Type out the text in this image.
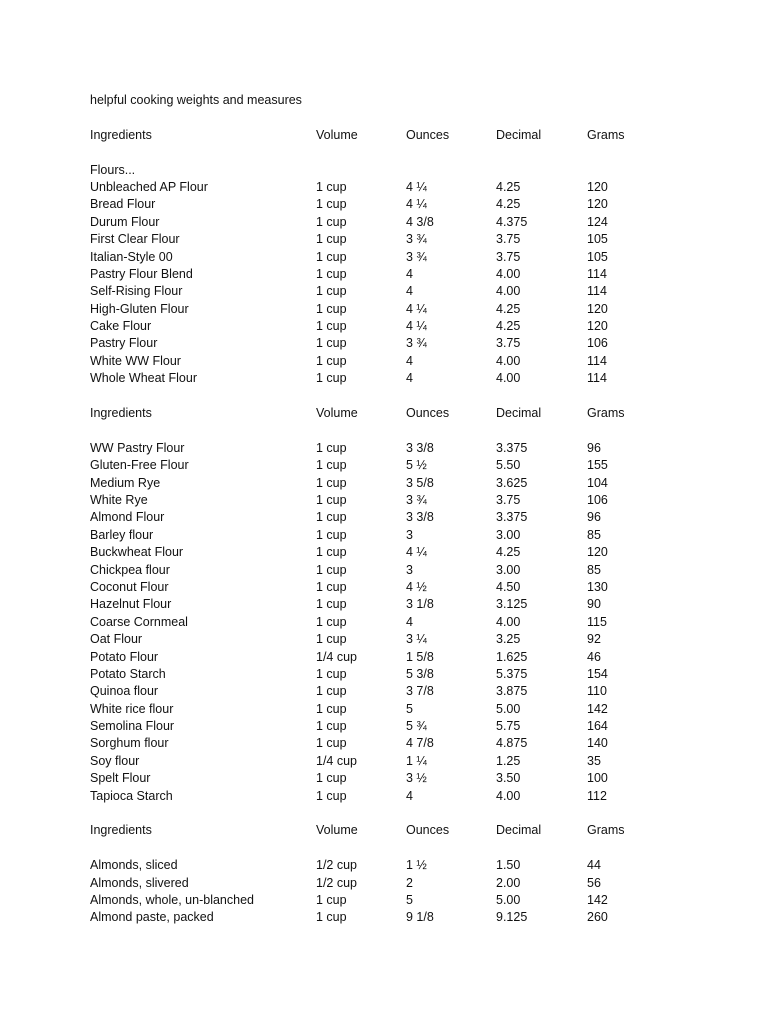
helpful cooking weights and measures
Ingredients	Volume	Ounces	Decimal	Grams
Flours...
Unbleached AP Flour	1 cup	4 ¼	4.25	120
Bread Flour	1 cup	4 ¼	4.25	120
Durum Flour	1 cup	4 3/8	4.375	124
First Clear Flour	1 cup	3 ¾	3.75	105
Italian-Style 00	1 cup	3 ¾	3.75	105
Pastry Flour Blend	1 cup	4	4.00	114
Self-Rising Flour	1 cup	4	4.00	114
High-Gluten Flour	1 cup	4 ¼	4.25	120
Cake Flour	1 cup	4 ¼	4.25	120
Pastry Flour	1 cup	3 ¾	3.75	106
White WW Flour	1 cup	4	4.00	114
Whole Wheat Flour	1 cup	4	4.00	114
Ingredients	Volume	Ounces	Decimal	Grams
WW Pastry Flour	1 cup	3 3/8	3.375	96
Gluten-Free Flour	1 cup	5 ½	5.50	155
Medium Rye	1 cup	3 5/8	3.625	104
White Rye	1 cup	3 ¾	3.75	106
Almond Flour	1 cup	3 3/8	3.375	96
Barley flour	1 cup	3	3.00	85
Buckwheat Flour	1 cup	4 ¼	4.25	120
Chickpea flour	1 cup	3	3.00	85
Coconut Flour	1 cup	4 ½	4.50	130
Hazelnut Flour	1 cup	3 1/8	3.125	90
Coarse Cornmeal	1 cup	4	4.00	115
Oat Flour	1 cup	3 ¼	3.25	92
Potato Flour	1/4 cup	1 5/8	1.625	46
Potato Starch	1 cup	5 3/8	5.375	154
Quinoa flour	1 cup	3 7/8	3.875	110
White rice flour	1 cup	5	5.00	142
Semolina Flour	1 cup	5 ¾	5.75	164
Sorghum flour	1 cup	4 7/8	4.875	140
Soy flour	1/4 cup	1 ¼	1.25	35
Spelt Flour	1 cup	3 ½	3.50	100
Tapioca Starch	1 cup	4	4.00	112
Ingredients	Volume	Ounces	Decimal	Grams
Almonds, sliced	1/2 cup	1 ½	1.50	44
Almonds, slivered	1/2 cup	2	2.00	56
Almonds, whole, un-blanched	1 cup	5	5.00	142
Almond paste, packed	1 cup	9 1/8	9.125	260
